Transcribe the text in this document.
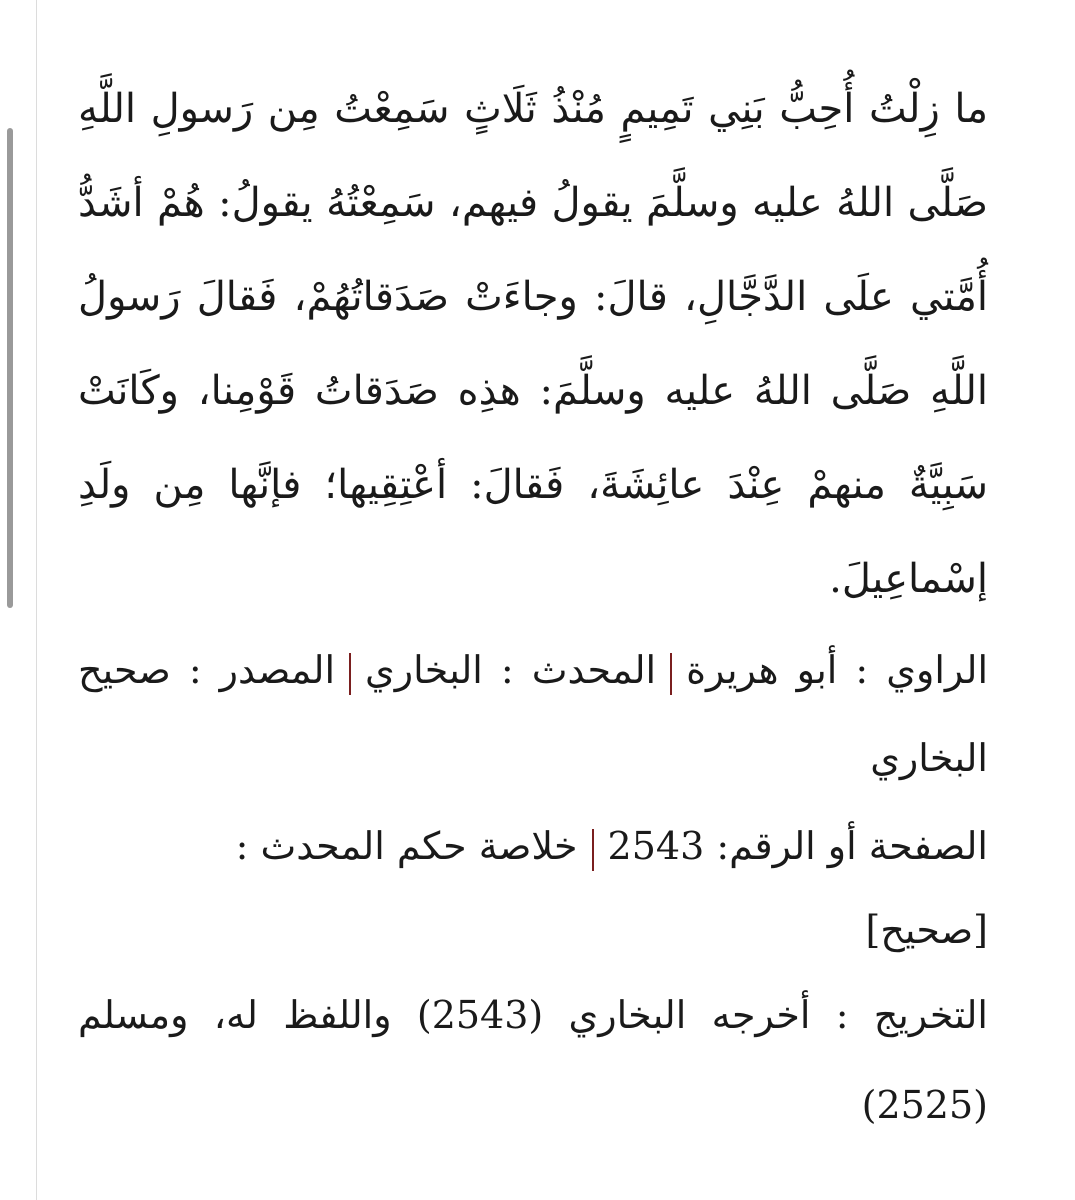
ما زِلْتُ أُحِبُّ بَنِي تَمِيمٍ مُنْذُ ثَلَاثٍ سَمِعْتُ مِن رَسولِ اللَّهِ صَلَّى اللهُ عليه وسلَّمَ يقولُ فيهم، سَمِعْتُهُ يقولُ: هُمْ أشَدُّ أُمَّتي علَى الدَّجَّالِ، قالَ: وجاءَتْ صَدَقاتُهُمْ، فَقالَ رَسولُ اللَّهِ صَلَّى اللهُ عليه وسلَّمَ: هذِه صَدَقاتُ قَوْمِنا، وكَانَتْ سَبِيَّةٌ منهمْ عِنْدَ عائِشَةَ، فَقالَ: أعْتِقِيها؛ فإنَّها مِن ولَدِ إسْماعِيلَ.

الراوي : أبو هريرةالمحدث : البخاريالمصدر : صحيح البخاري

الصفحة أو الرقم: 2543خلاصة حكم المحدث :

[صحيح]

التخريج : أخرجه البخاري (2543) واللفظ له، ومسلم (2525)
